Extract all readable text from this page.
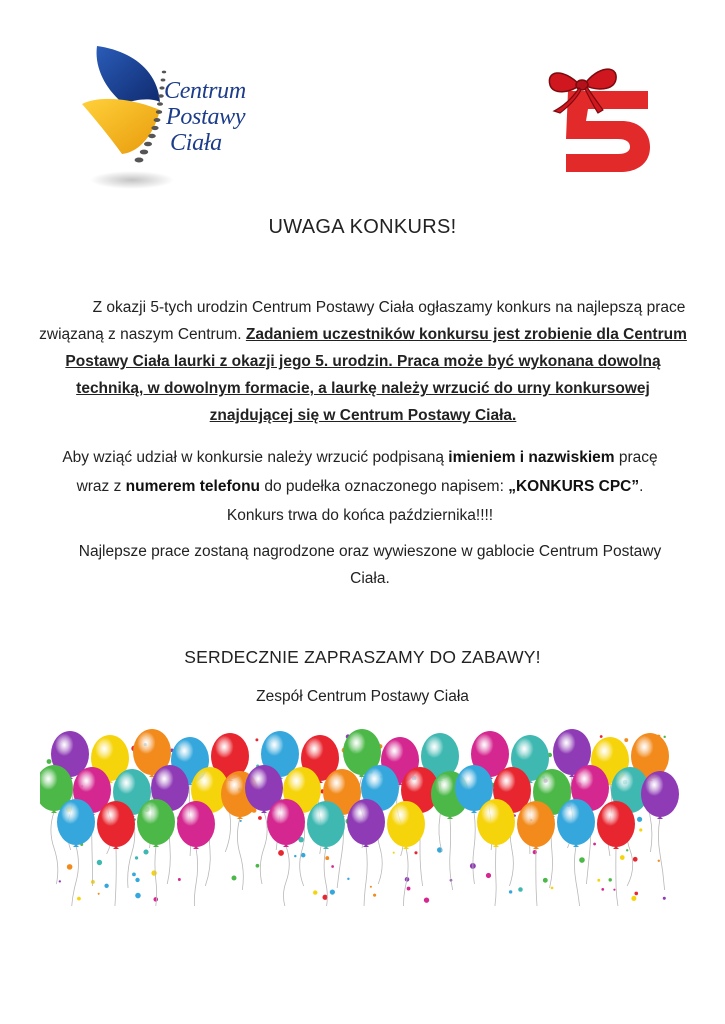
Centrum
Postawy
Ciała
UWAGA KONKURS!
Z okazji 5-tych urodzin Centrum Postawy Ciała ogłaszamy konkurs na najlepszą prace związaną z naszym Centrum. Zadaniem uczestników konkursu jest zrobienie dla Centrum Postawy Ciała laurki z okazji jego 5. urodzin. Praca może być wykonana dowolną techniką, w dowolnym formacie, a laurkę należy wrzucić do urny konkursowej znajdującej się w Centrum Postawy Ciała.
Aby wziąć udział w konkursie należy wrzucić podpisaną imieniem i nazwiskiem pracę wraz z numerem telefonu do pudełka oznaczonego napisem: „KONKURS CPC”. Konkurs trwa do końca października!!!!
Najlepsze prace zostaną nagrodzone oraz wywieszone w gablocie Centrum Postawy Ciała.
SERDECZNIE ZAPRASZAMY DO ZABAWY!
Zespół Centrum Postawy Ciała
